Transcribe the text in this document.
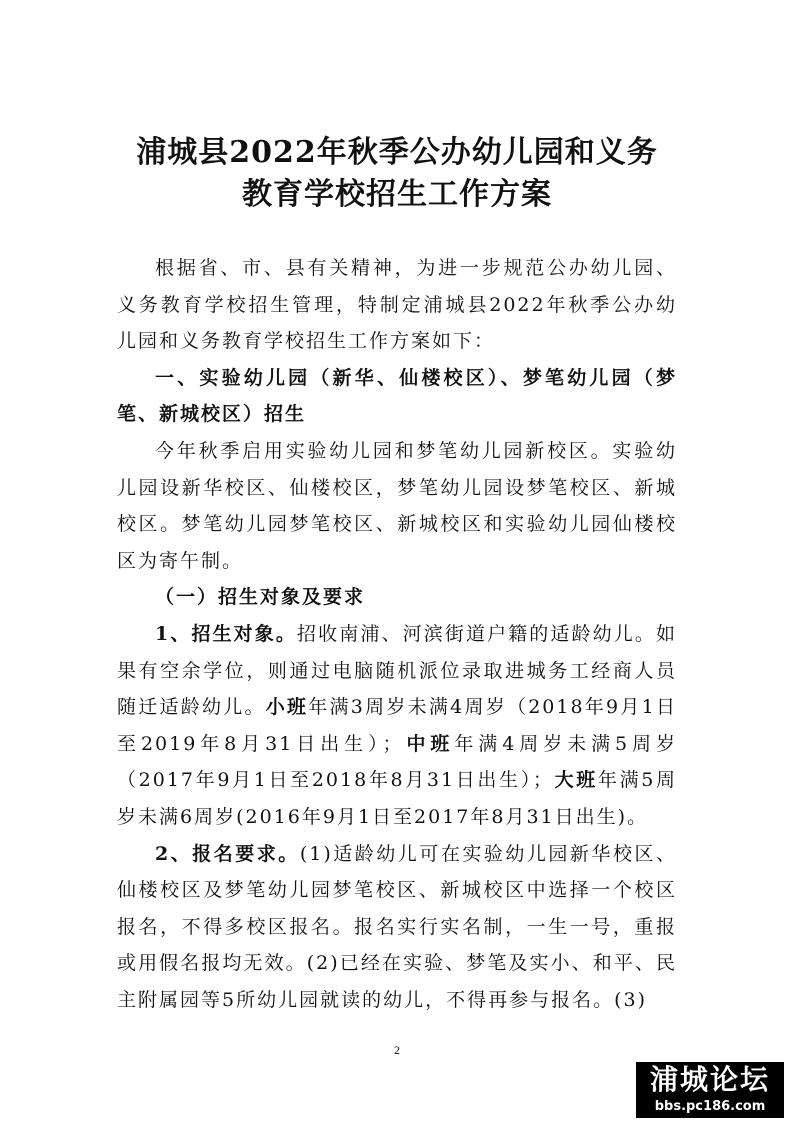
浦城县2022年秋季公办幼儿园和义务
教育学校招生工作方案

根据省、市、县有关精神，为进一步规范公办幼儿园、义务教育学校招生管理，特制定浦城县2022年秋季公办幼儿园和义务教育学校招生工作方案如下：

一、实验幼儿园（新华、仙楼校区）、梦笔幼儿园（梦笔、新城校区）招生

今年秋季启用实验幼儿园和梦笔幼儿园新校区。实验幼儿园设新华校区、仙楼校区，梦笔幼儿园设梦笔校区、新城校区。梦笔幼儿园梦笔校区、新城校区和实验幼儿园仙楼校区为寄午制。

（一）招生对象及要求

1、招生对象。招收南浦、河滨街道户籍的适龄幼儿。如果有空余学位，则通过电脑随机派位录取进城务工经商人员随迁适龄幼儿。小班年满3周岁未满4周岁（2018年9月1日至2019年8月31日出生）；中班年满4周岁未满5周岁（2017年9月1日至2018年8月31日出生）；大班年满5周岁未满6周岁(2016年9月1日至2017年8月31日出生)。

2、报名要求。(1)适龄幼儿可在实验幼儿园新华校区、仙楼校区及梦笔幼儿园梦笔校区、新城校区中选择一个校区报名，不得多校区报名。报名实行实名制，一生一号，重报或用假名报均无效。(2)已经在实验、梦笔及实小、和平、民主附属园等5所幼儿园就读的幼儿，不得再参与报名。(3)

2
浦城论坛
bbs.pc186.com
